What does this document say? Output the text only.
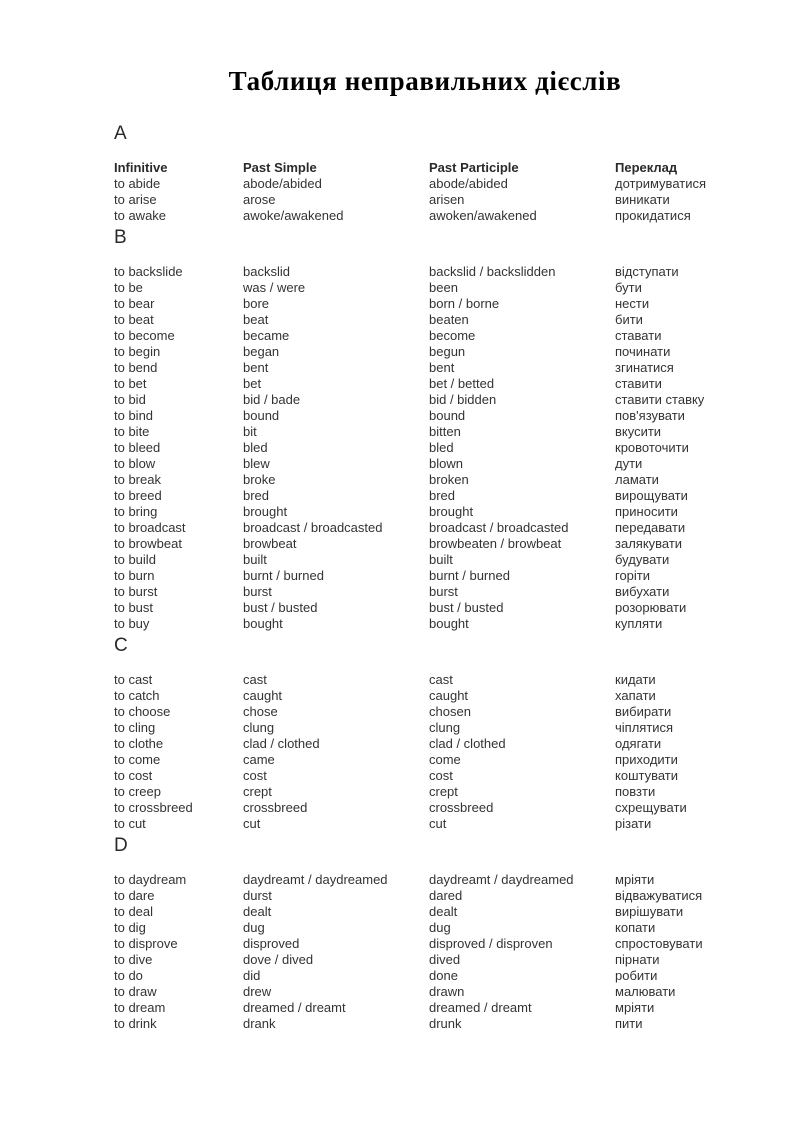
Таблиця неправильних дієслів
A
Infinitive	Past Simple	Past Participle	Переклад
to abide	abode/abided	abode/abided	дотримуватися
to arise	arose	arisen	виникати
to awake	awoke/awakened	awoken/awakened	прокидатися
B
to backslide	backslid	backslid / backslidden	відступати
to be	was / were	been	бути
to bear	bore	born / borne	нести
to beat	beat	beaten	бити
to become	became	become	ставати
to begin	began	begun	починати
to bend	bent	bent	згинатися
to bet	bet	bet / betted	ставити
to bid	bid / bade	bid / bidden	ставити ставку
to bind	bound	bound	пов'язувати
to bite	bit	bitten	вкусити
to bleed	bled	bled	кровоточити
to blow	blew	blown	дути
to break	broke	broken	ламати
to breed	bred	bred	вирощувати
to bring	brought	brought	приносити
to broadcast	broadcast / broadcasted	broadcast / broadcasted	передавати
to browbeat	browbeat	browbeaten / browbeat	залякувати
to build	built	built	будувати
to burn	burnt / burned	burnt / burned	горіти
to burst	burst	burst	вибухати
to bust	bust / busted	bust / busted	розорювати
to buy	bought	bought	купляти
C
to cast	cast	cast	кидати
to catch	caught	caught	хапати
to choose	chose	chosen	вибирати
to cling	clung	clung	чіплятися
to clothe	clad / clothed	clad / clothed	одягати
to come	came	come	приходити
to cost	cost	cost	коштувати
to creep	crept	crept	повзти
to crossbreed	crossbreed	crossbreed	схрещувати
to cut	cut	cut	різати
D
to daydream	daydreamt / daydreamed	daydreamt / daydreamed	мріяти
to dare	durst	dared	відважуватися
to deal	dealt	dealt	вирішувати
to dig	dug	dug	копати
to disprove	disproved	disproved / disproven	спростовувати
to dive	dove / dived	dived	пірнати
to do	did	done	робити
to draw	drew	drawn	малювати
to dream	dreamed / dreamt	dreamed / dreamt	мріяти
to drink	drank	drunk	пити
